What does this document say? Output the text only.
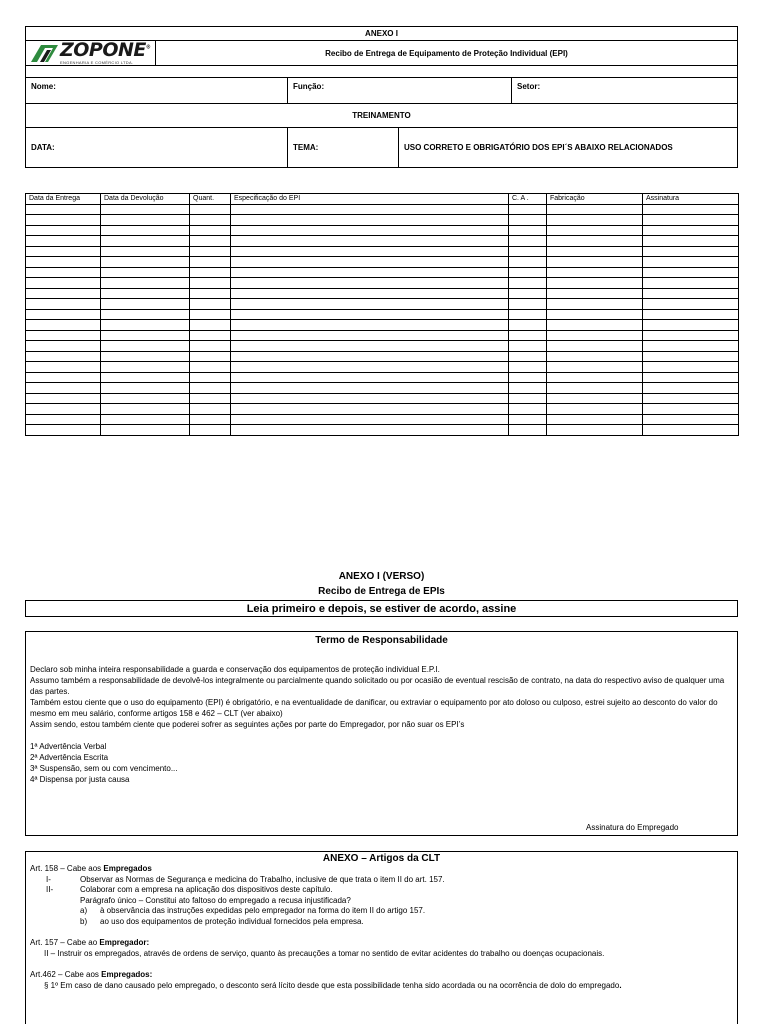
ANEXO I
ZOPONE®
ENGENHARIA E COMÉRCIO LTDA.
Recibo de Entrega de Equipamento de Proteção Individual (EPI)
Nome:	Função:	Setor:
TREINAMENTO
DATA:	TEMA:	USO CORRETO E OBRIGATÓRIO DOS EPI´S ABAIXO RELACIONADOS
Data da Entrega	Data da Devolução	Quant.	Especificação do EPI	C. A .	Fabricação	Assinatura

ANEXO I (VERSO)
Recibo de Entrega de EPIs
Leia primeiro e depois, se estiver de acordo, assine
Termo de Responsabilidade

Declaro sob minha inteira responsabilidade a guarda e conservação dos equipamentos de proteção individual E.P.I.

Assumo também a responsabilidade de devolvê-los integralmente ou parcialmente quando solicitado ou por ocasião de eventual rescisão de contrato, na data do respectivo aviso de qualquer uma das partes.

Também estou ciente que o uso do equipamento (EPI) é obrigatório, e na eventualidade de danificar, ou extraviar o equipamento por ato doloso ou culposo, estrei sujeito ao desconto do valor do mesmo em meu salário, conforme artigos 158 e 462 – CLT (ver abaixo)

Assim sendo, estou também ciente que poderei sofrer as seguintes ações por parte do Empregador, por não suar os EPI’s

1ª Advertência Verbal

2ª Advertência Escrita

3ª Suspensão, sem ou com vencimento...

4ª Dispensa por justa causa

Assinatura do Empregado
ANEXO – Artigos da CLT

Art. 158 – Cabe aos Empregados

I-	Observar as Normas de Segurança e medicina do Trabalho, inclusive de que trata o item II do art. 157.

II-	Colaborar com a empresa na aplicação dos dispositivos deste capítulo.

Parágrafo único – Constitui ato faltoso do empregado a recusa injustificada?

a) à observância das instruções expedidas pelo empregador na forma do item II do artigo 157.

b) ao uso dos equipamentos de proteção individual fornecidos pela empresa.

Art. 157 – Cabe ao Empregador:

II – Instruir os empregados, através de ordens de serviço, quanto às precauções a tomar no sentido de evitar acidentes do trabalho ou doenças ocupacionais.

Art.462 – Cabe aos Empregados:

§ 1º Em caso de dano causado pelo empregado, o desconto será lícito desde que esta possibilidade tenha sido acordada ou na ocorrência de dolo do empregado.
